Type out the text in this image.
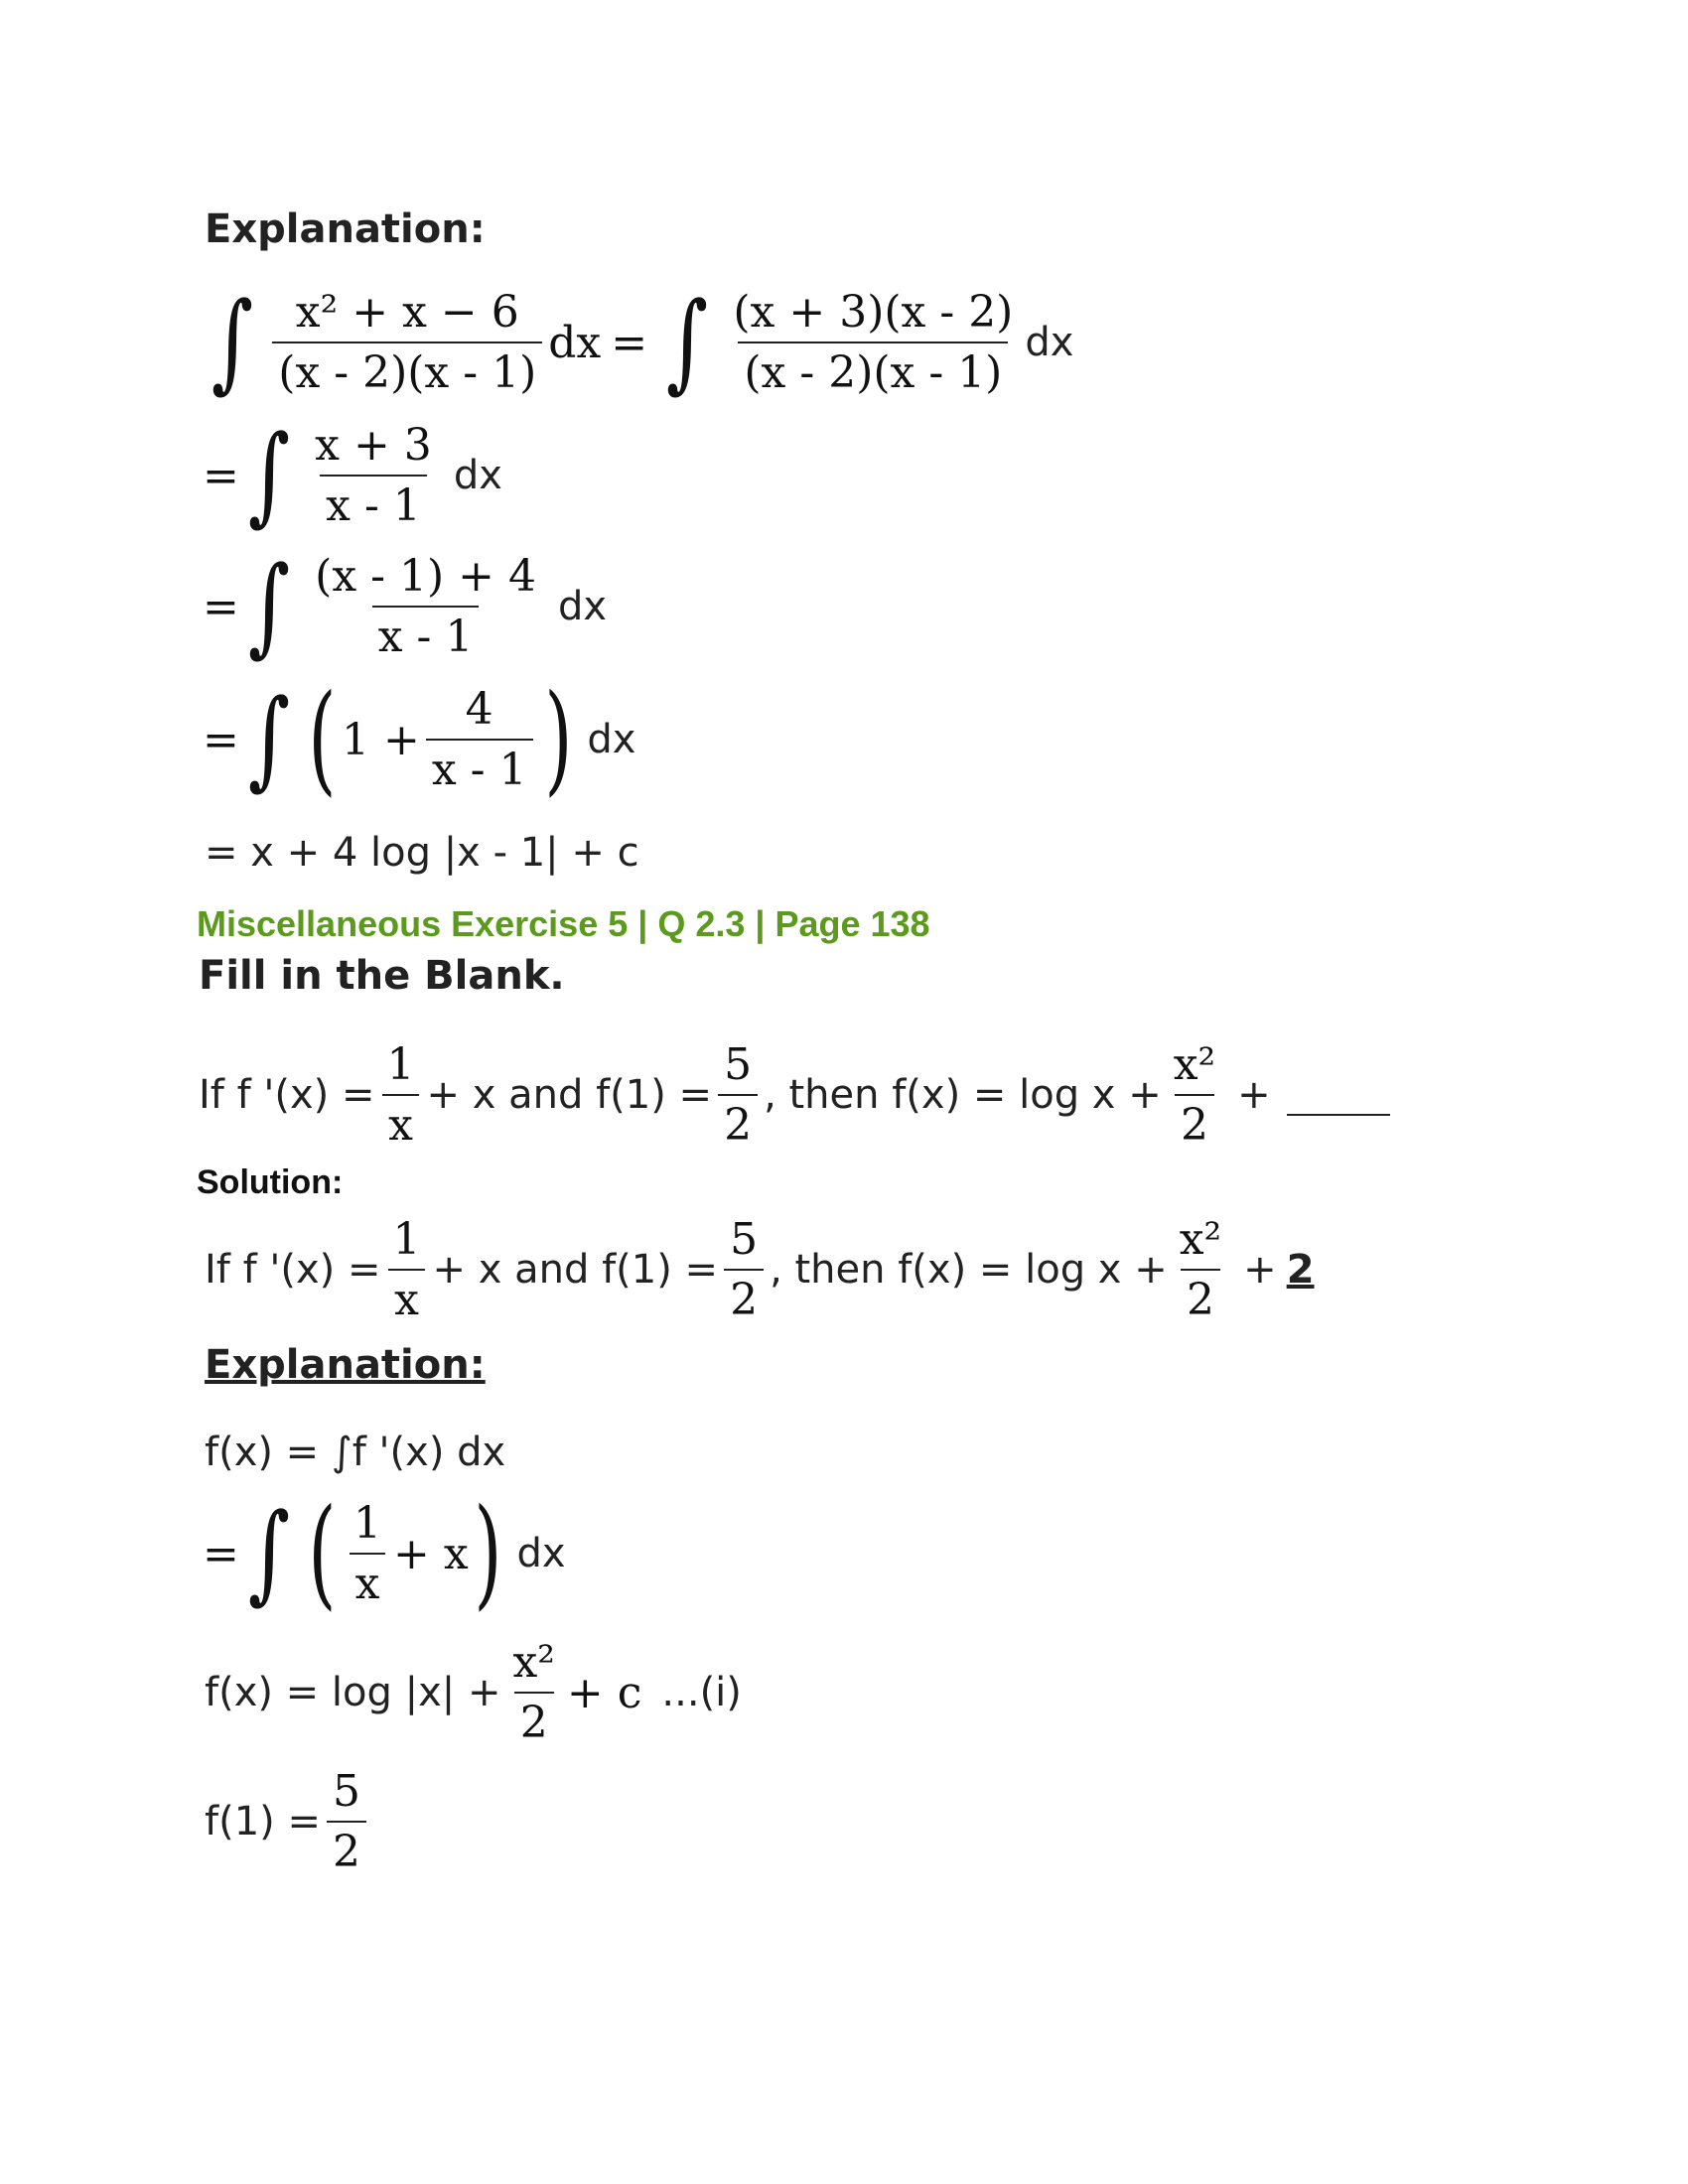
Explanation:
∫ $\frac{\text{x² + x − 6}}{(x - 2)(x - 1)}$ dx = ∫ $\frac{(x + 3)(x - 2)}{(x - 2)(x - 1)}$ dx
= ∫ $\frac{x + 3}{x - 1}$ dx
= ∫ $\frac{(x - 1) + 4}{x - 1}$ dx
= ∫ ( $1 + \frac{4}{x - 1}$ ) dx
= x + 4 log |x - 1| + c
Miscellaneous Exercise 5 | Q 2.3 | Page 138
Fill in the Blank.
If f '$(x) = \frac{1}{x} + x$ and $f(1) = \frac{5}{2}$ , then $f(x) = \log x + \frac{\text{x²}}{2}$ +
Solution:
If f '$(x) = \frac{1}{x} + x$ and $f(1) = \frac{5}{2}$ , then $f(x) = \log x + \frac{\text{x²}}{2} + 2$
Explanation:
f(x) = ∫f '(x) dx
= ∫ ( $\frac{1}{x} + x$ ) dx
$f(x) = \log |x| + \frac{\text{x²}}{2} + c$ ...(i)
$f(1) = \frac{5}{2}$
